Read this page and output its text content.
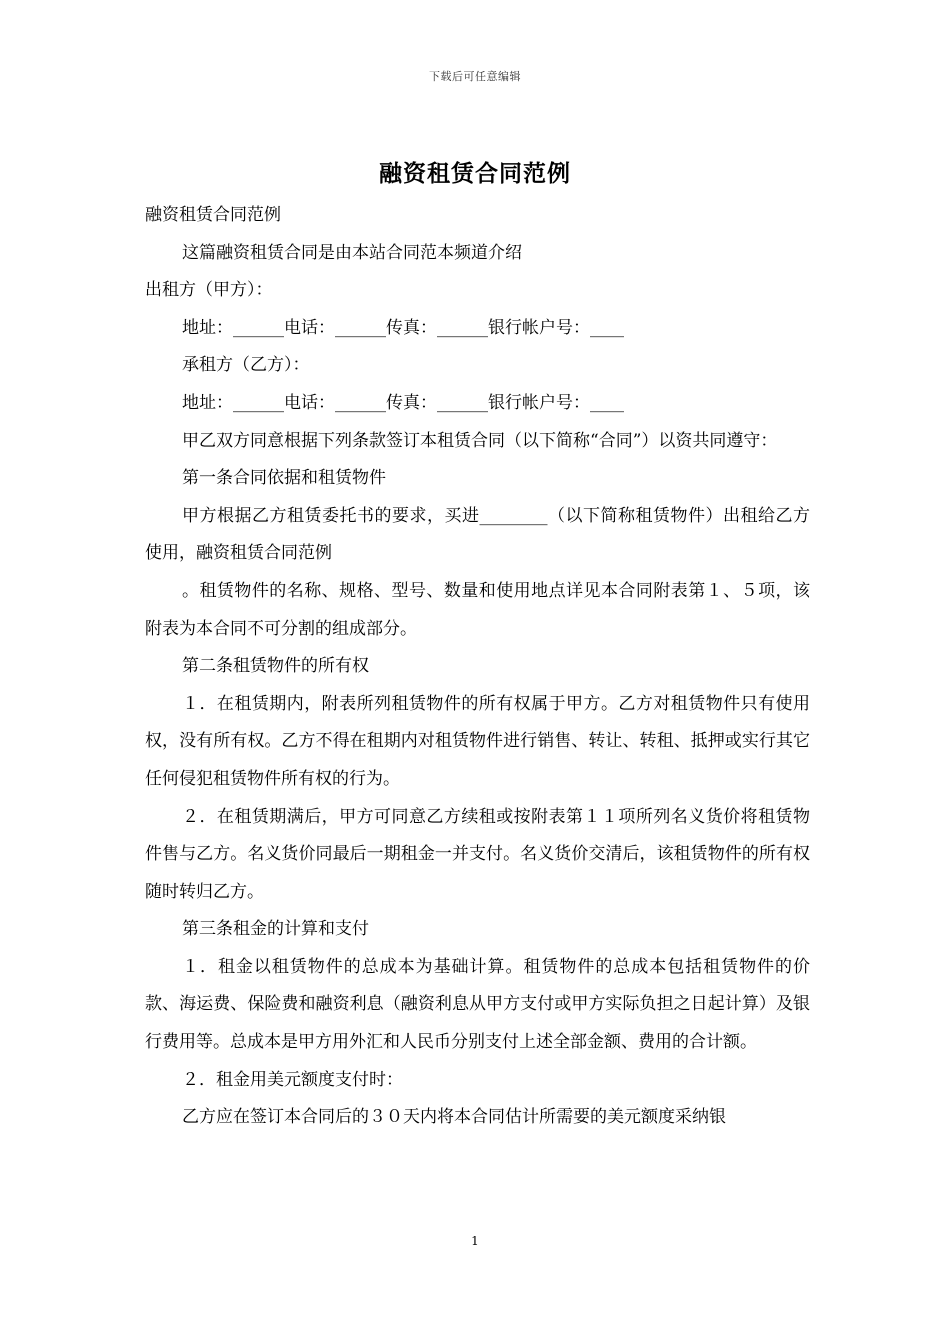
下载后可任意编辑
融资租赁合同范例

融资租赁合同范例

这篇融资租赁合同是由本站合同范本频道介绍

出租方（甲方）：

地址：______电话：______传真：______银行帐户号：____

承租方（乙方）：

地址：______电话：______传真：______银行帐户号：____

甲乙双方同意根据下列条款签订本租赁合同（以下简称“合同”）以资共同遵守：

第一条合同依据和租赁物件

甲方根据乙方租赁委托书的要求，买进________（以下简称租赁物件）出租给乙方使用，融资租赁合同范例

。租赁物件的名称、规格、型号、数量和使用地点详见本合同附表第１、５项，该附表为本合同不可分割的组成部分。

第二条租赁物件的所有权

１．在租赁期内，附表所列租赁物件的所有权属于甲方。乙方对租赁物件只有使用权，没有所有权。乙方不得在租期内对租赁物件进行销售、转让、转租、抵押或实行其它任何侵犯租赁物件所有权的行为。

２．在租赁期满后，甲方可同意乙方续租或按附表第１１项所列名义货价将租赁物件售与乙方。名义货价同最后一期租金一并支付。名义货价交清后，该租赁物件的所有权随时转归乙方。

第三条租金的计算和支付

１．租金以租赁物件的总成本为基础计算。租赁物件的总成本包括租赁物件的价款、海运费、保险费和融资利息（融资利息从甲方支付或甲方实际负担之日起计算）及银行费用等。总成本是甲方用外汇和人民币分别支付上述全部金额、费用的合计额。

２．租金用美元额度支付时：

乙方应在签订本合同后的３０天内将本合同估计所需要的美元额度采纳银

1
